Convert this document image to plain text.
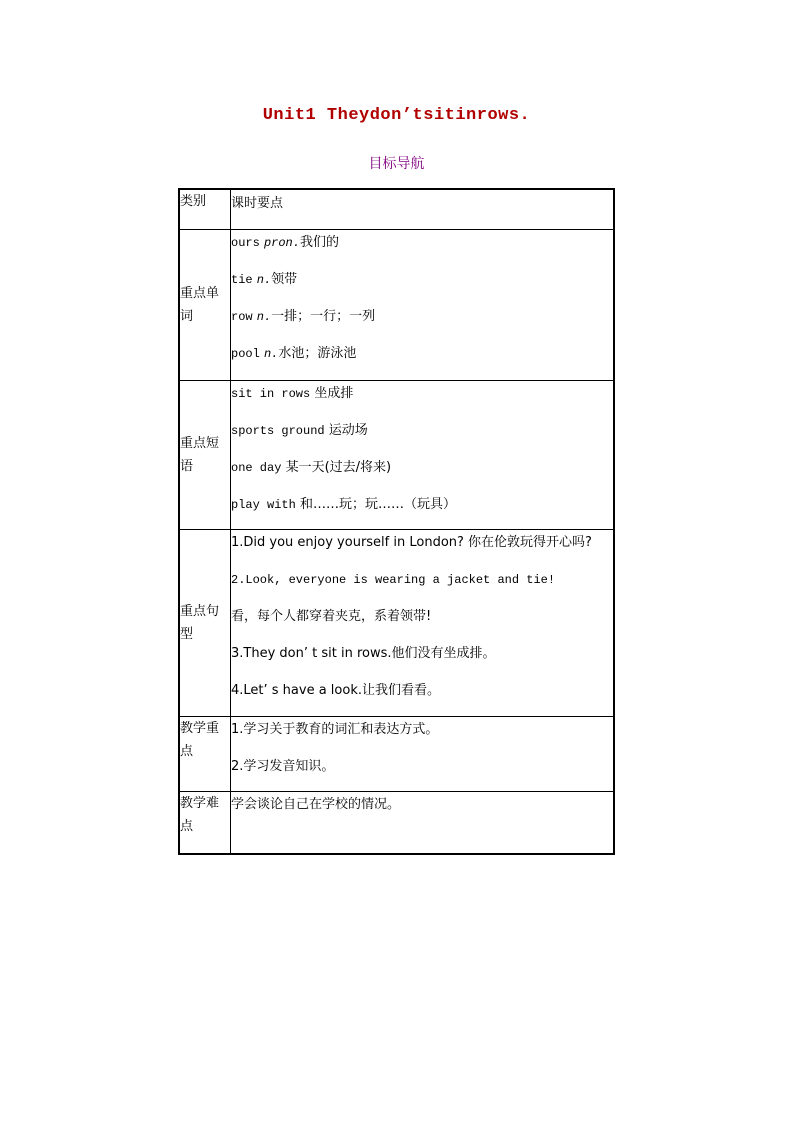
Unit1 Theydon’tsitinrows.
目标导航
类别	课时要点
重点单词	ours pron.我们的
tie n.领带
row n.一排；一行；一列
pool n.水池；游泳池

重点短语	sit in rows 坐成排
sports ground 运动场
one day 某一天(过去/将来)
play with 和……玩；玩……（玩具）

重点句型	1.Did you enjoy yourself in London? 你在伦敦玩得开心吗?
2.Look, everyone is wearing a jacket and tie!
看，每个人都穿着夹克，系着领带!
3.They don’ t sit in rows.他们没有坐成排。
4.Let’ s have a look.让我们看看。

教学重点	1.学习关于教育的词汇和表达方式。
2.学习发音知识。

教学难点	学会谈论自己在学校的情况。
